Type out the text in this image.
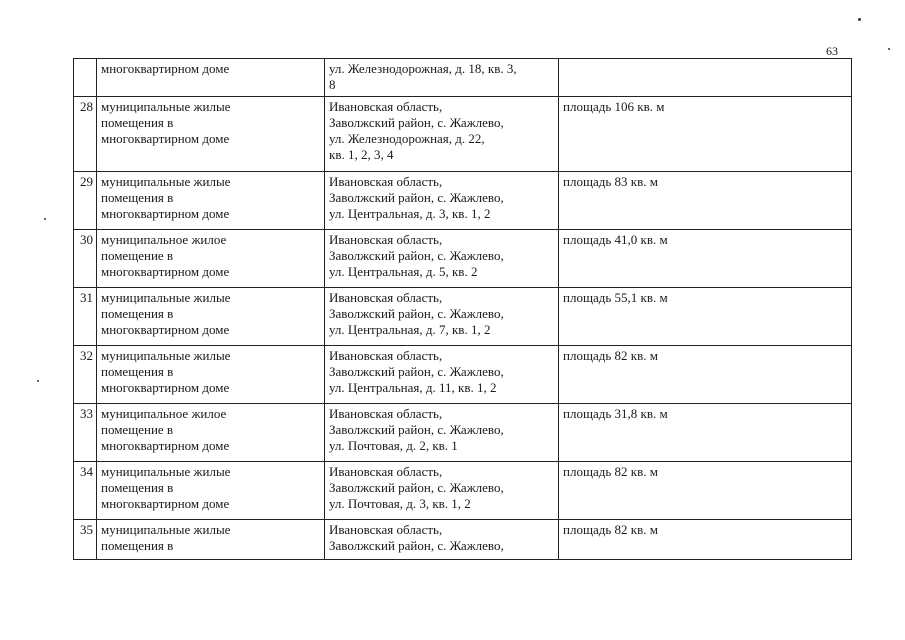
63
	многоквартирном доме	ул. Железнодорожная, д. 18, кв. 3,
8	
28	муниципальные жилые
помещения в
многоквартирном доме	Ивановская область,
Заволжский район, с. Жажлево,
ул. Железнодорожная, д. 22,
кв. 1, 2, 3, 4	площадь 106 кв. м
29	муниципальные жилые
помещения в
многоквартирном доме	Ивановская область,
Заволжский район, с. Жажлево,
ул. Центральная, д. 3, кв. 1, 2	площадь 83 кв. м
30	муниципальное жилое
помещение в
многоквартирном доме	Ивановская область,
Заволжский район, с. Жажлево,
ул. Центральная, д. 5, кв. 2	площадь 41,0 кв. м
31	муниципальные жилые
помещения в
многоквартирном доме	Ивановская область,
Заволжский район, с. Жажлево,
ул. Центральная, д. 7, кв. 1, 2	площадь 55,1 кв. м
32	муниципальные жилые
помещения в
многоквартирном доме	Ивановская область,
Заволжский район, с. Жажлево,
ул. Центральная, д. 11, кв. 1, 2	площадь 82 кв. м
33	муниципальное жилое
помещение в
многоквартирном доме	Ивановская область,
Заволжский район, с. Жажлево,
ул. Почтовая, д. 2, кв. 1	площадь 31,8 кв. м
34	муниципальные жилые
помещения в
многоквартирном доме	Ивановская область,
Заволжский район, с. Жажлево,
ул. Почтовая, д. 3, кв. 1, 2	площадь 82 кв. м
35	муниципальные жилые
помещения в	Ивановская область,
Заволжский район, с. Жажлево,	площадь 82 кв. м
